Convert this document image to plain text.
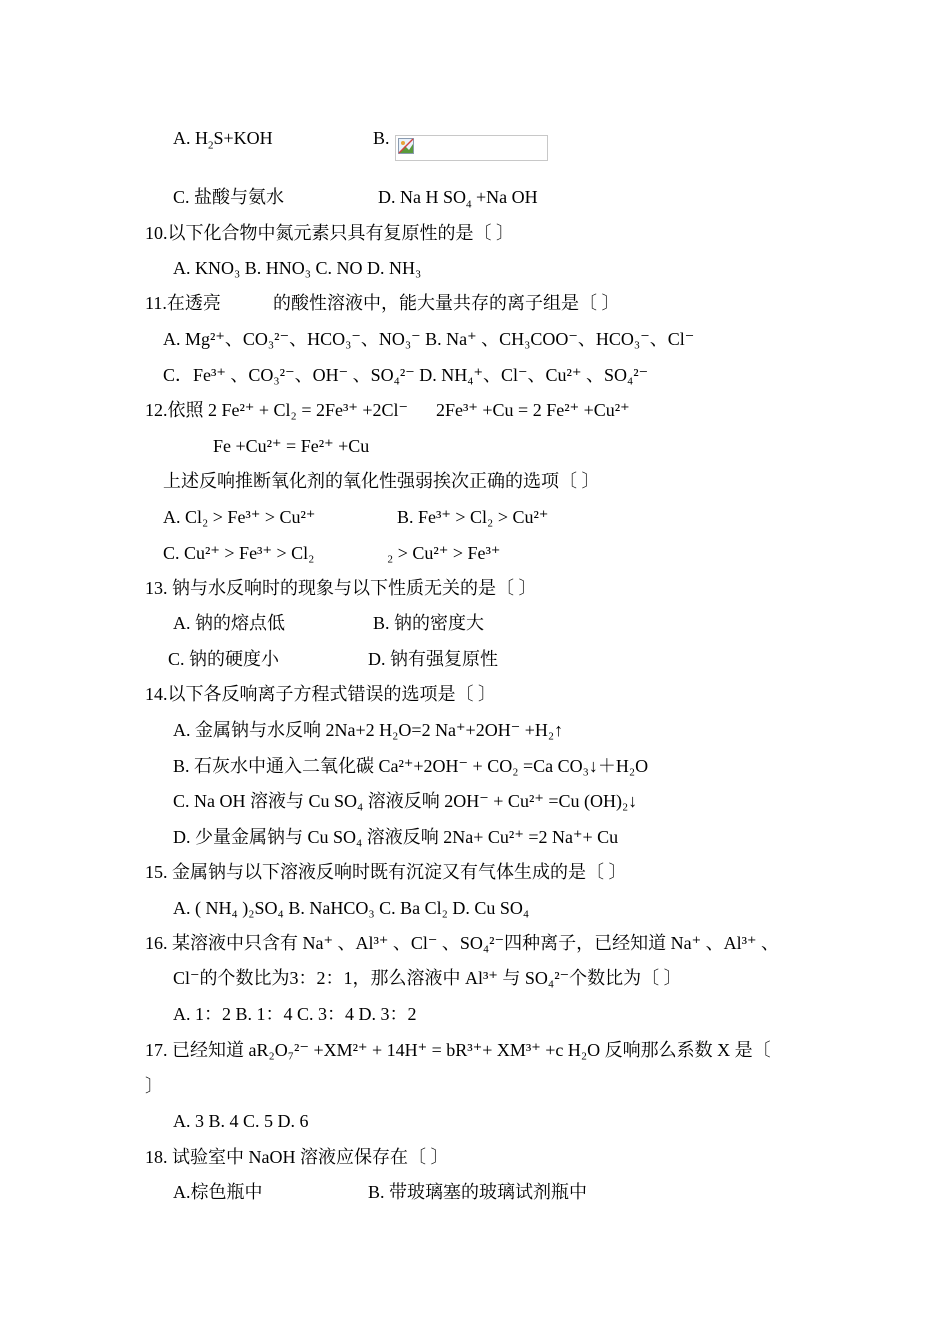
A. $H_2S+KOH$	B.
C. 盐酸与氨水	D. Na H $SO_4 +Na$ OH
10.以下化合物中氮元素只具有复原性的是〔 〕
A. KNO₃ B. HNO₃ C. NO D. NH₃
11.在透亮	的酸性溶液中，能大量共存的离子组是〔 〕
A. Mg²⁺、CO₃²⁻、HCO₃⁻、NO₃⁻ B. Na⁺ 、CH₃COO⁻、HCO₃⁻、Cl⁻
C．Fe³⁺ 、CO₃²⁻、OH⁻ 、SO₄²⁻ D. NH₄⁺、Cl⁻、Cu²⁺ 、SO₄²⁻
12.依照 2 Fe²⁺ + Cl₂ = 2Fe³⁺ +2Cl⁻ 2Fe³⁺ +Cu = 2 Fe²⁺ +Cu²⁺
Fe +Cu²⁺ = Fe²⁺ +Cu
上述反响推断氧化剂的氧化性强弱挨次正确的选项〔 〕
A. Cl₂ > Fe³⁺ > Cu²⁺	B. Fe³⁺ > Cl₂ > Cu²⁺
C. Cu²⁺ > Fe³⁺ > Cl₂	₂ > Cu²⁺ > Fe³⁺
13. 钠与水反响时的现象与以下性质无关的是〔 〕
A. 钠的熔点低	B. 钠的密度大
C. 钠的硬度小	D. 钠有强复原性
14.以下各反响离子方程式错误的选项是〔 〕
A. 金属钠与水反响 2Na+2 H₂O=2 Na⁺+2OH⁻ +H₂↑
B. 石灰水中通入二氧化碳 Ca²⁺+2OH⁻ + CO₂ =Ca CO₃↓＋H₂O
C. Na OH 溶液与 Cu SO₄ 溶液反响 2OH⁻ + Cu²⁺ =Cu (OH)₂↓
D. 少量金属钠与 Cu SO₄ 溶液反响 2Na+ Cu²⁺ =2 Na⁺+ Cu
15. 金属钠与以下溶液反响时既有沉淀又有气体生成的是〔 〕
A. ( NH₄ )₂SO₄ B. NaHCO₃ C. Ba Cl₂ D. Cu SO₄
16. 某溶液中只含有 Na⁺ 、Al³⁺ 、Cl⁻ 、SO₄²⁻四种离子，已经知道 Na⁺ 、Al³⁺ 、
Cl⁻的个数比为3：2：1，那么溶液中 Al³⁺ 与 SO₄²⁻个数比为〔 〕
A. 1：2 B. 1：4 C. 3：4 D. 3：2
17. 已经知道 aR₂O₇²⁻ +XM²⁺ + 14H⁺ = bR³⁺+ XM³⁺ +c H₂O 反响那么系数 X 是〔
〕
A. 3 B. 4 C. 5 D. 6
18. 试验室中 NaOH 溶液应保存在〔 〕
A.棕色瓶中	B. 带玻璃塞的玻璃试剂瓶中
